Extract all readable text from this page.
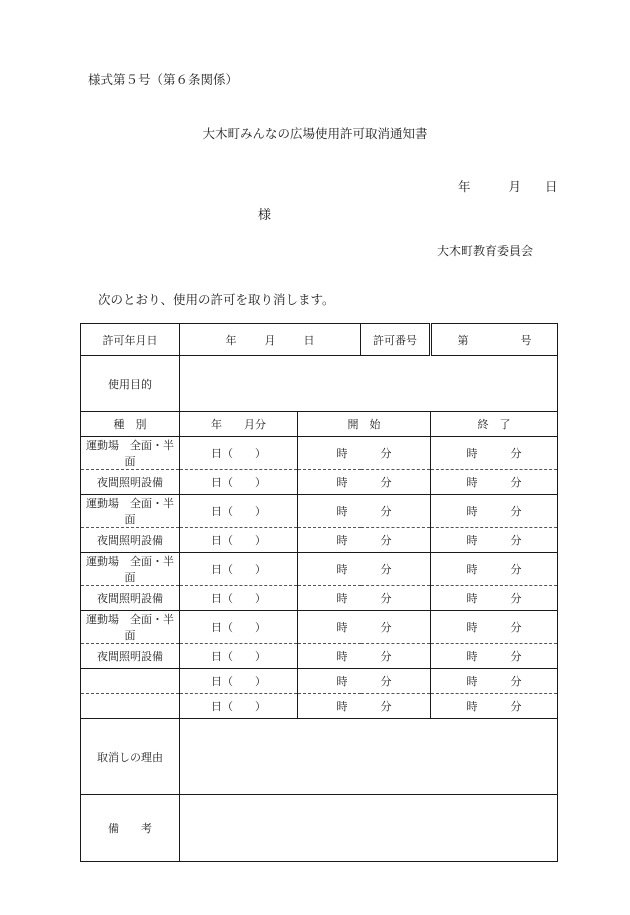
様式第５号（第６条関係）
大木町みんなの広場使用許可取消通知書
年	月 日
様
大木町教育委員会
次のとおり、使用の許可を取り消します。
許可年月日	年 月 日		許可番号	第 号
使用目的				
種　別	年　　月分	開　始		終　了
運動場　全面・半面	日（　　）	時　　　分		時　　　分
夜間照明設備	日（　　）	時　　　分		時　　　分
運動場　全面・半面	日（　　）	時　　　分		時　　　分
夜間照明設備	日（　　）	時　　　分		時　　　分
運動場　全面・半面	日（　　）	時　　　分		時　　　分
夜間照明設備	日（　　）	時　　　分		時　　　分
運動場　全面・半面	日（　　）	時　　　分		時　　　分
夜間照明設備	日（　　）	時　　　分		時　　　分
	日（　　）	時　　　分		時　　　分
	日（　　）	時　　　分		時　　　分
取消しの理由				
備　　考				
